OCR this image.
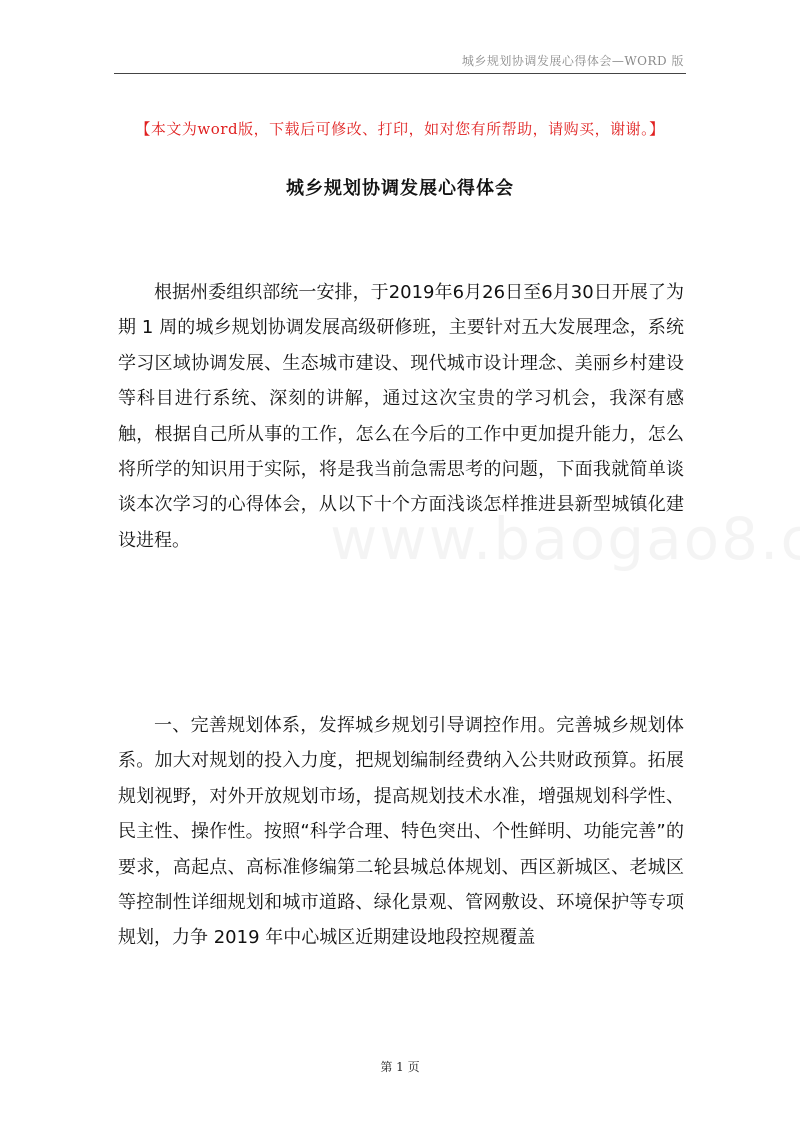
城乡规划协调发展心得体会—WORD 版
【本文为word版，下载后可修改、打印，如对您有所帮助，请购买，谢谢。】
城乡规划协调发展心得体会

根据州委组织部统一安排，于2019年6月26日至6月30日开展了为期 1 周的城乡规划协调发展高级研修班，主要针对五大发展理念，系统学习区域协调发展、生态城市建设、现代城市设计理念、美丽乡村建设等科目进行系统、深刻的讲解，通过这次宝贵的学习机会，我深有感触，根据自己所从事的工作，怎么在今后的工作中更加提升能力，怎么将所学的知识用于实际，将是我当前急需思考的问题，下面我就简单谈谈本次学习的心得体会，从以下十个方面浅谈怎样推进县新型城镇化建设进程。

一、完善规划体系，发挥城乡规划引导调控作用。完善城乡规划体系。加大对规划的投入力度，把规划编制经费纳入公共财政预算。拓展规划视野，对外开放规划市场，提高规划技术水准，增强规划科学性、民主性、操作性。按照“科学合理、特色突出、个性鲜明、功能完善”的要求，高起点、高标准修编第二轮县城总体规划、西区新城区、老城区等控制性详细规划和城市道路、绿化景观、管网敷设、环境保护等专项规划，力争 2019 年中心城区近期建设地段控规覆盖

第 1 页
